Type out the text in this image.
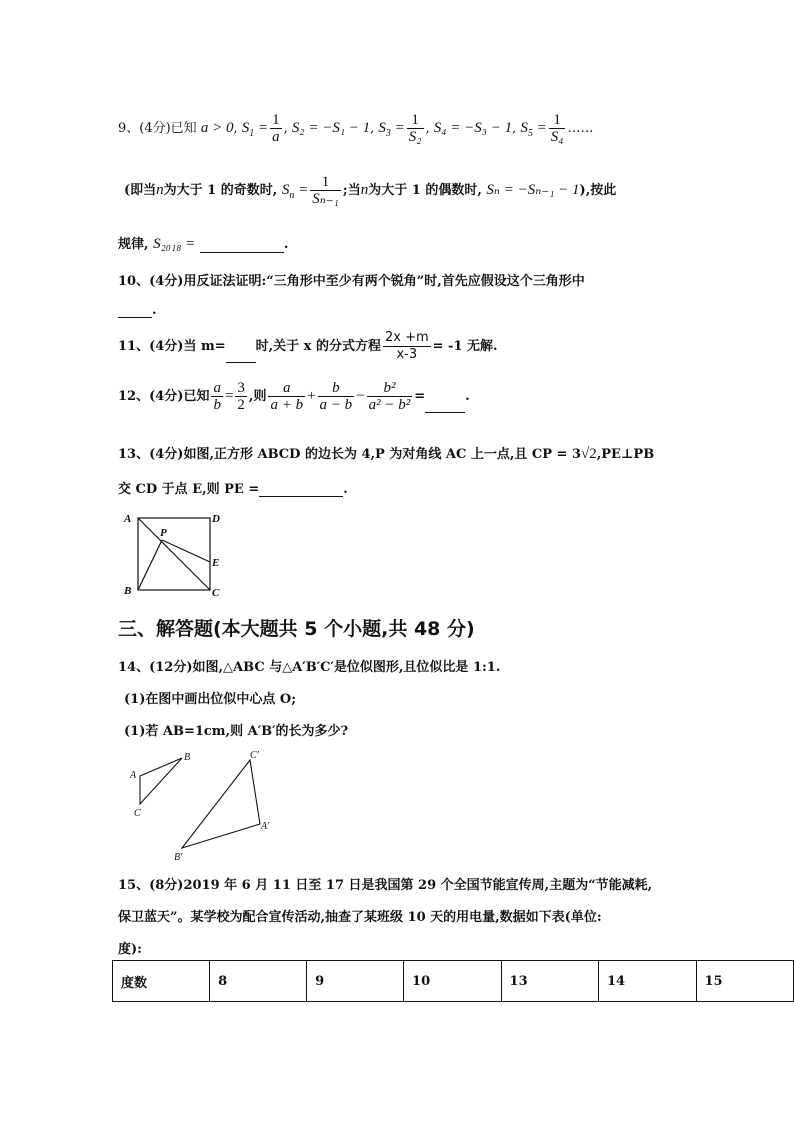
9、(4分)已知 a > 0, $S_1 = \frac{1}{a}$ , S₂ = −S₁ − 1, $S_3 = \frac{1}{\text{S₂}}$ , S₄ = −S₃ − 1, $S_5 = \frac{1}{\text{S₄}}$ ……
(即当n为大于 1 的奇数时, $S_n = \frac{1}{\text{Sₙ₋₁}}$ ;当n为大于 1 的偶数时, Sₙ = −Sₙ₋₁ − 1),按此
规律, S₂₀₁₈ =	.
10、(4分)用反证法证明:“三角形中至少有两个锐角”时,首先应假设这个三角形中
.
11、(4分)当 m= 时,关于 x 的分式方程 $\frac{2x +m}{x-3} = -1$ 无解.
12、(4分)已知 $\frac{a}{b} = \frac{3}{2}$ ,则 $\frac{a}{a + b} + \frac{b}{a - b} - \frac{\text{b²}}{\text{a² − b²}}$ =	.
13、(4分)如图,正方形 ABCD 的边长为 4,P 为对角线 AC 上一点,且 CP = 3√2,PE⊥PB
交 CD 于点 E,则 PE =	.
A	D
P
E
B	C
三、解答题(本大题共 5 个小题,共 48 分)
14、(12分)如图,△ABC 与△A′B′C′是位似图形,且位似比是 1:1.
(1)在图中画出位似中心点 O;
(1)若 AB=1cm,则 A′B′的长为多少?
A
B
C
A′
B′
C′
15、(8分)2019 年 6 月 11 日至 17 日是我国第 29 个全国节能宣传周,主题为“节能减耗,
保卫蓝天”。某学校为配合宣传活动,抽查了某班级 10 天的用电量,数据如下表(单位:
度):
度数	8	9	10	13	14	15
